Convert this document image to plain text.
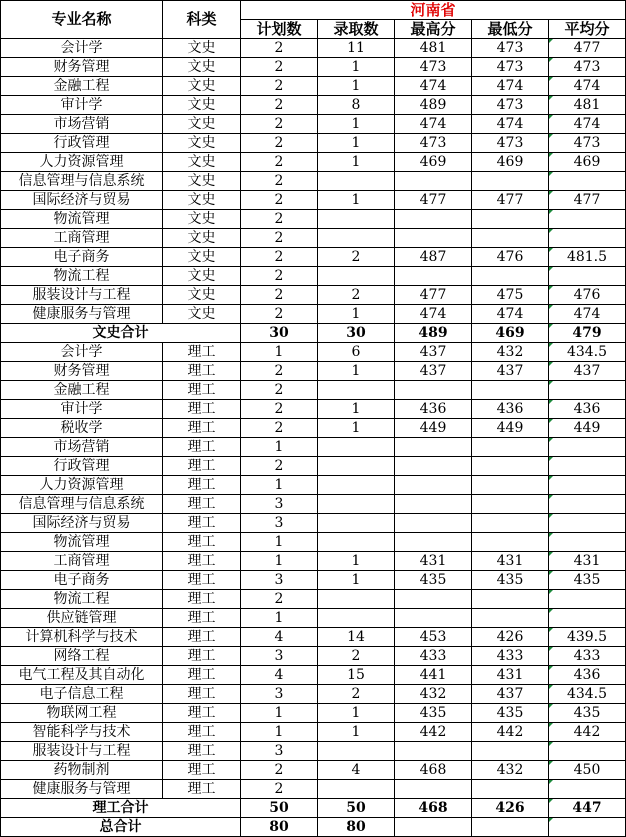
专业名称	科类	河南省				
		计划数	录取数	最高分	最低分	平均分
会计学	文史	2	11	481	473	477
财务管理	文史	2	1	473	473	473
金融工程	文史	2	1	474	474	474
审计学	文史	2	8	489	473	481
市场营销	文史	2	1	474	474	474
行政管理	文史	2	1	473	473	473
人力资源管理	文史	2	1	469	469	469
信息管理与信息系统	文史	2				
国际经济与贸易	文史	2	1	477	477	477
物流管理	文史	2				
工商管理	文史	2				
电子商务	文史	2	2	487	476	481.5
物流工程	文史	2				
服装设计与工程	文史	2	2	477	475	476
健康服务与管理	文史	2	1	474	474	474
文史合计		30	30	489	469	479
会计学	理工	1	6	437	432	434.5
财务管理	理工	2	1	437	437	437
金融工程	理工	2				
审计学	理工	2	1	436	436	436
税收学	理工	2	1	449	449	449
市场营销	理工	1				
行政管理	理工	2				
人力资源管理	理工	1				
信息管理与信息系统	理工	3				
国际经济与贸易	理工	3				
物流管理	理工	1				
工商管理	理工	1	1	431	431	431
电子商务	理工	3	1	435	435	435
物流工程	理工	2				
供应链管理	理工	1				
计算机科学与技术	理工	4	14	453	426	439.5
网络工程	理工	3	2	433	433	433
电气工程及其自动化	理工	4	15	441	431	436
电子信息工程	理工	3	2	432	437	434.5
物联网工程	理工	1	1	435	435	435
智能科学与技术	理工	1	1	442	442	442
服装设计与工程	理工	3				
药物制剂	理工	2	4	468	432	450
健康服务与管理	理工	2				
理工合计		50	50	468	426	447
总合计		80	80			
